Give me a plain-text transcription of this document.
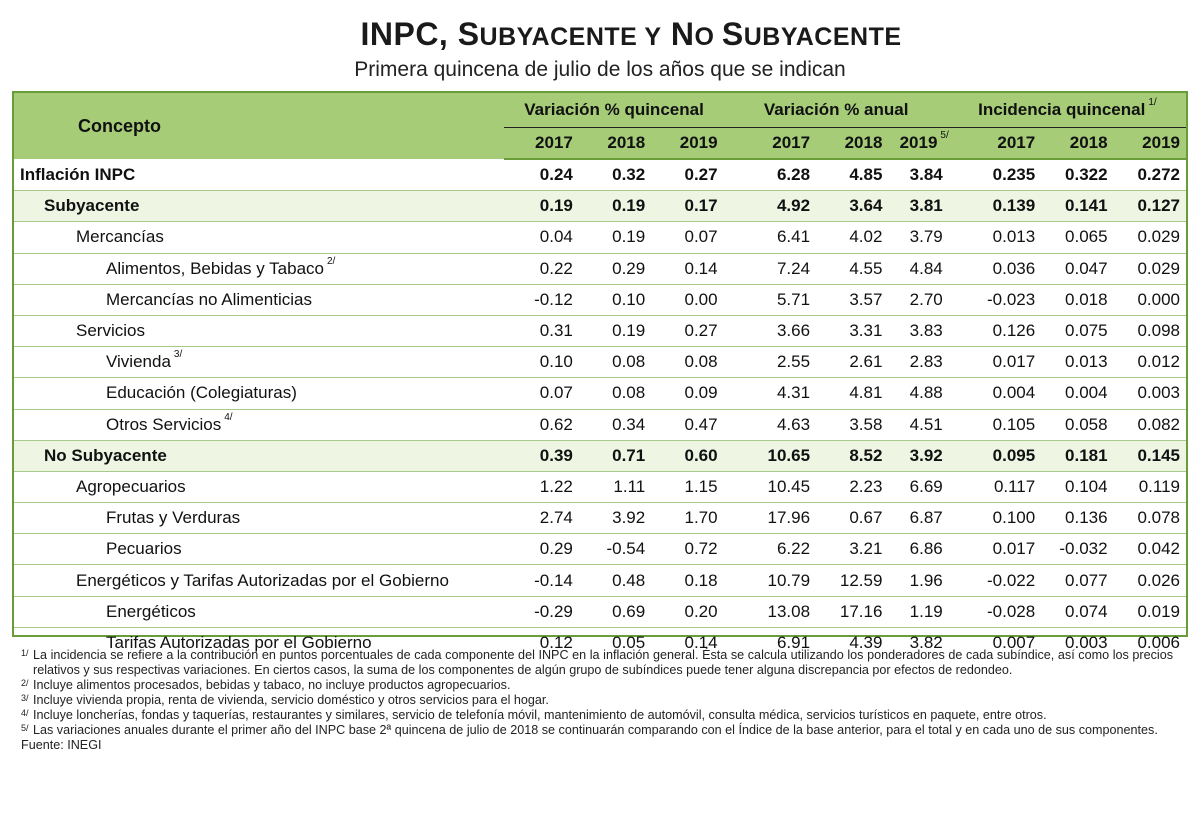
INPC, SUBYACENTE Y NO SUBYACENTE
Primera quincena de julio de los años que se indican
Concepto	Variación % quincenal			Variación % anual			Incidencia quincenal $^{1/}$
	2017	2018	2019	2017	2018	2019 $^{5/}$	2017	2018	2019
Inflación INPC	0.24	0.32	0.27	6.28	4.85	3.84	0.235	0.322	0.272
Subyacente	0.19	0.19	0.17	4.92	3.64	3.81	0.139	0.141	0.127
Mercancías	0.04	0.19	0.07	6.41	4.02	3.79	0.013	0.065	0.029
Alimentos, Bebidas y Tabaco $^{2/}$	0.22	0.29	0.14	7.24	4.55	4.84	0.036	0.047	0.029
Mercancías no Alimenticias	-0.12	0.10	0.00	5.71	3.57	2.70	-0.023	0.018	0.000
Servicios	0.31	0.19	0.27	3.66	3.31	3.83	0.126	0.075	0.098
Vivienda $^{3/}$	0.10	0.08	0.08	2.55	2.61	2.83	0.017	0.013	0.012
Educación (Colegiaturas)	0.07	0.08	0.09	4.31	4.81	4.88	0.004	0.004	0.003
Otros Servicios $^{4/}$	0.62	0.34	0.47	4.63	3.58	4.51	0.105	0.058	0.082
No Subyacente	0.39	0.71	0.60	10.65	8.52	3.92	0.095	0.181	0.145
Agropecuarios	1.22	1.11	1.15	10.45	2.23	6.69	0.117	0.104	0.119
Frutas y Verduras	2.74	3.92	1.70	17.96	0.67	6.87	0.100	0.136	0.078
Pecuarios	0.29	-0.54	0.72	6.22	3.21	6.86	0.017	-0.032	0.042
Energéticos y Tarifas Autorizadas por el Gobierno	-0.14	0.48	0.18	10.79	12.59	1.96	-0.022	0.077	0.026
Energéticos	-0.29	0.69	0.20	13.08	17.16	1.19	-0.028	0.074	0.019
Tarifas Autorizadas por el Gobierno	0.12	0.05	0.14	6.91	4.39	3.82	0.007	0.003	0.006
1/ La incidencia se refiere a la contribución en puntos porcentuales de cada componente del INPC en la inflación general. Ésta se calcula utilizando los ponderadores de cada subíndice, así como los precios relativos y sus respectivas variaciones. En ciertos casos, la suma de los componentes de algún grupo de subíndices puede tener alguna discrepancia por efectos de redondeo.
2/ Incluye alimentos procesados, bebidas y tabaco, no incluye productos agropecuarios.
3/ Incluye vivienda propia, renta de vivienda, servicio doméstico y otros servicios para el hogar.
4/ Incluye loncherías, fondas y taquerías, restaurantes y similares, servicio de telefonía móvil, mantenimiento de automóvil, consulta médica, servicios turísticos en paquete, entre otros.
5/ Las variaciones anuales durante el primer año del INPC base 2ª quincena de julio de 2018 se continuarán comparando con el Índice de la base anterior, para el total y en cada uno de sus componentes.
Fuente: INEGI
